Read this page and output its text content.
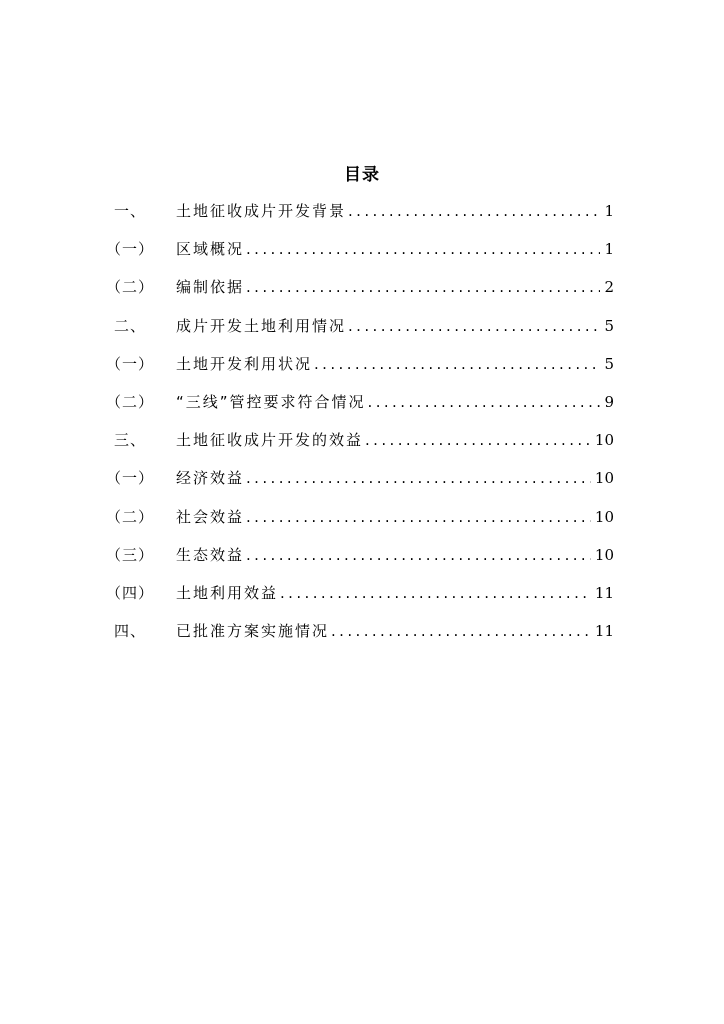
目录
一、	土地征收成片开发背景 .....	1
（一）	区域概况 .....	1
（二）	编制依据 .....	2
二、	成片开发土地利用情况 .....	5
（一）	土地开发利用状况 .....	5
（二）	“三线”管控要求符合情况 .....	9
三、	土地征收成片开发的效益 .....	10
（一）	经济效益 .....	10
（二）	社会效益 .....	10
（三）	生态效益 .....	10
（四）	土地利用效益 .....	11
四、	已批准方案实施情况 .....	11
